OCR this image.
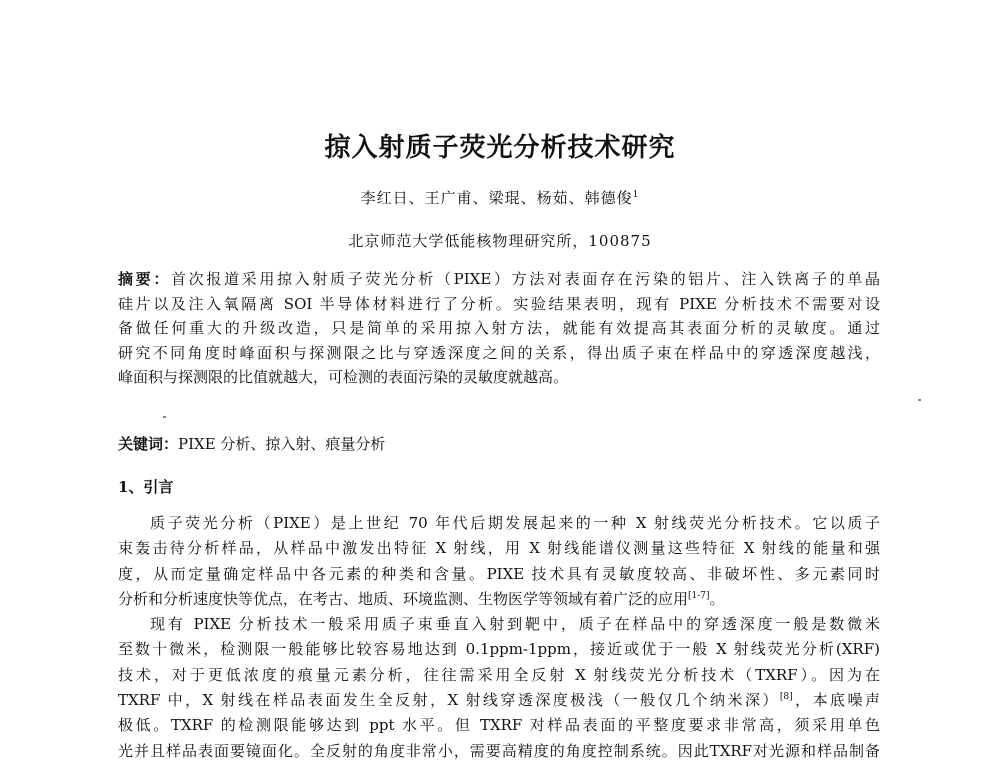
掠入射质子荧光分析技术研究
李红日、王广甫、梁琨、杨茹、韩德俊$^1$
北京师范大学低能核物理研究所，100875
摘要：首次报道采用掠入射质子荧光分析（PIXE）方法对表面存在污染的铝片、注入铁离子的单晶
硅片以及注入氧隔离 SOI 半导体材料进行了分析。实验结果表明，现有 PIXE 分析技术不需要对设
备做任何重大的升级改造，只是简单的采用掠入射方法，就能有效提高其表面分析的灵敏度。通过
研究不同角度时峰面积与探测限之比与穿透深度之间的关系，得出质子束在样品中的穿透深度越浅，
峰面积与探测限的比值就越大，可检测的表面污染的灵敏度就越高。
关键词：PIXE 分析、掠入射、痕量分析
1、引言
质子荧光分析（PIXE）是上世纪 70 年代后期发展起来的一种 X 射线荧光分析技术。它以质子
束轰击待分析样品，从样品中激发出特征 X 射线，用 X 射线能谱仪测量这些特征 X 射线的能量和强
度，从而定量确定样品中各元素的种类和含量。PIXE 技术具有灵敏度较高、非破坏性、多元素同时
分析和分析速度快等优点，在考古、地质、环境监测、生物医学等领域有着广泛的应用[1-7]。
现有 PIXE 分析技术一般采用质子束垂直入射到靶中，质子在样品中的穿透深度一般是数微米
至数十微米，检测限一般能够比较容易地达到 0.1ppm-1ppm，接近或优于一般 X 射线荧光分析(XRF)
技术，对于更低浓度的痕量元素分析，往往需采用全反射 X 射线荧光分析技术（TXRF）。因为在
TXRF 中，X 射线在样品表面发生全反射，X 射线穿透深度极浅（一般仅几个纳米深）[8]，本底噪声
极低。TXRF 的检测限能够达到 ppt 水平。但 TXRF 对样品表面的平整度要求非常高，须采用单色
光并且样品表面要镜面化。全反射的角度非常小，需要高精度的角度控制系统。因此TXRF对光源和样品制备
